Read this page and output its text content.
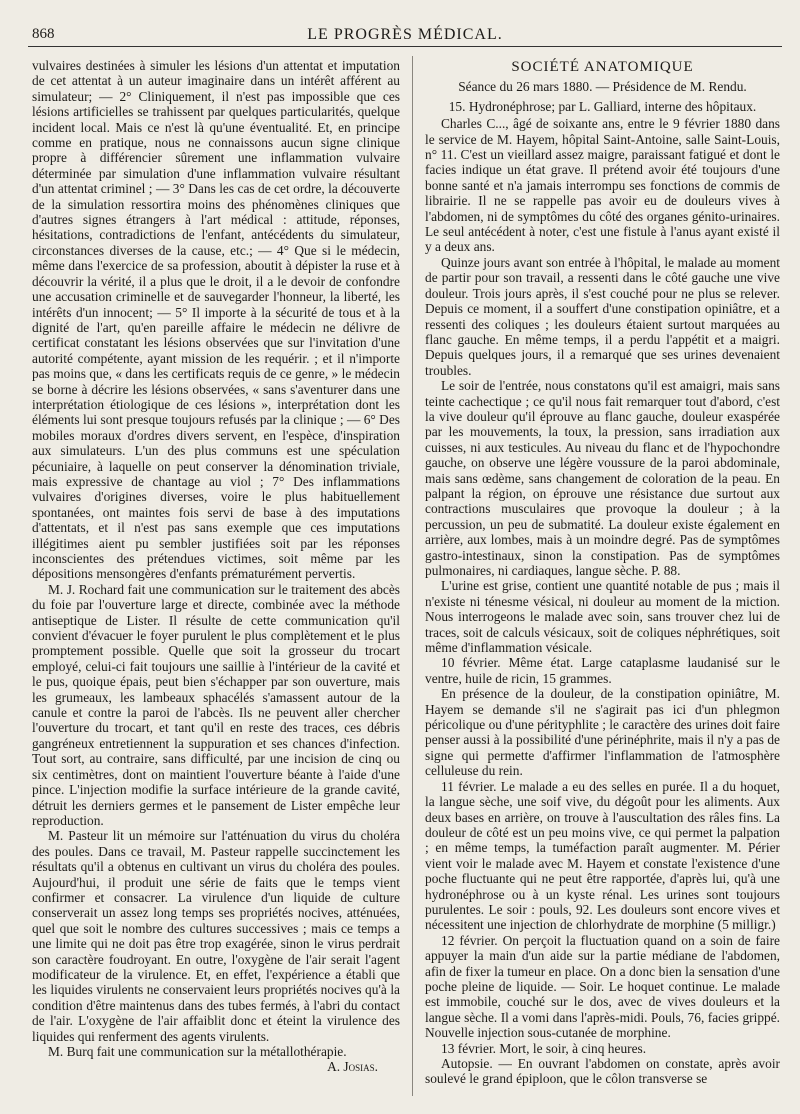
868	LE PROGRÈS MÉDICAL.

vulvaires destinées à simuler les lésions d'un attentat et imputation de cet attentat à un auteur imaginaire dans un intérêt afférent au simulateur; — 2° Cliniquement, il n'est pas impossible que ces lésions artificielles se trahissent par quelques particularités, quelque incident local. Mais ce n'est là qu'une éventualité. Et, en principe comme en pratique, nous ne connaissons aucun signe clinique propre à différencier sûrement une inflammation vulvaire déterminée par simulation d'une inflammation vulvaire résultant d'un attentat criminel ; — 3° Dans les cas de cet ordre, la découverte de la simulation ressortira moins des phénomènes cliniques que d'autres signes étrangers à l'art médical : attitude, réponses, hésitations, contradictions de l'enfant, antécédents du simulateur, circonstances diverses de la cause, etc.; — 4° Que si le médecin, même dans l'exercice de sa profession, aboutit à dépister la ruse et à découvrir la vérité, il a plus que le droit, il a le devoir de confondre une accusation criminelle et de sauvegarder l'honneur, la liberté, les intérêts d'un innocent; — 5° Il importe à la sécurité de tous et à la dignité de l'art, qu'en pareille affaire le médecin ne délivre de certificat constatant les lésions observées que sur l'invitation d'une autorité compétente, ayant mission de les requérir. ; et il n'importe pas moins que, « dans les certificats requis de ce genre, » le médecin se borne à décrire les lésions observées, « sans s'aventurer dans une interprétation étiologique de ces lésions », interprétation dont les éléments lui sont presque toujours refusés par la clinique ; — 6° Des mobiles moraux d'ordres divers servent, en l'espèce, d'inspiration aux simulateurs. L'un des plus communs est une spéculation pécuniaire, à laquelle on peut conserver la dénomination triviale, mais expressive de chantage au viol ; 7° Des inflammations vulvaires d'origines diverses, voire le plus habituellement spontanées, ont maintes fois servi de base à des imputations d'attentats, et il n'est pas sans exemple que ces imputations illégitimes aient pu sembler justifiées soit par les réponses inconscientes des prétendues victimes, soit même par les dépositions mensongères d'enfants prématurément pervertis.

M. J. Rochard fait une communication sur le traitement des abcès du foie par l'ouverture large et directe, combinée avec la méthode antiseptique de Lister. Il résulte de cette communication qu'il convient d'évacuer le foyer purulent le plus complètement et le plus promptement possible. Quelle que soit la grosseur du trocart employé, celui-ci fait toujours une saillie à l'intérieur de la cavité et le pus, quoique épais, peut bien s'échapper par son ouverture, mais les grumeaux, les lambeaux sphacélés s'amassent autour de la canule et contre la paroi de l'abcès. Ils ne peuvent aller chercher l'ouverture du trocart, et tant qu'il en reste des traces, ces débris gangréneux entretiennent la suppuration et ses chances d'infection. Tout sort, au contraire, sans difficulté, par une incision de cinq ou six centimètres, dont on maintient l'ouverture béante à l'aide d'une pince. L'injection modifie la surface intérieure de la grande cavité, détruit les derniers germes et le pansement de Lister empêche leur reproduction.

M. Pasteur lit un mémoire sur l'atténuation du virus du choléra des poules. Dans ce travail, M. Pasteur rappelle succinctement les résultats qu'il a obtenus en cultivant un virus du choléra des poules. Aujourd'hui, il produit une série de faits que le temps vient confirmer et consacrer. La virulence d'un liquide de culture conserverait un assez long temps ses propriétés nocives, atténuées, quel que soit le nombre des cultures successives ; mais ce temps a une limite qui ne doit pas être trop exagérée, sinon le virus perdrait son caractère foudroyant. En outre, l'oxygène de l'air serait l'agent modificateur de la virulence. Et, en effet, l'expérience a établi que les liquides virulents ne conservaient leurs propriétés nocives qu'à la condition d'être maintenus dans des tubes fermés, à l'abri du contact de l'air. L'oxygène de l'air affaiblit donc et éteint la virulence des liquides qui renferment des agents virulents.

M. Burq fait une communication sur la métallothérapie.

A. Josias.

SOCIÉTÉ ANATOMIQUE
Séance du 26 mars 1880. — Présidence de M. Rendu.
15. Hydronéphrose; par L. Galliard, interne des hôpitaux.

Charles C..., âgé de soixante ans, entre le 9 février 1880 dans le service de M. Hayem, hôpital Saint-Antoine, salle Saint-Louis, n° 11. C'est un vieillard assez maigre, paraissant fatigué et dont le facies indique un état grave. Il prétend avoir été toujours d'une bonne santé et n'a jamais interrompu ses fonctions de commis de librairie. Il ne se rappelle pas avoir eu de douleurs vives à l'abdomen, ni de symptômes du côté des organes génito-urinaires. Le seul antécédent à noter, c'est une fistule à l'anus ayant existé il y a deux ans.

Quinze jours avant son entrée à l'hôpital, le malade au moment de partir pour son travail, a ressenti dans le côté gauche une vive douleur. Trois jours après, il s'est couché pour ne plus se relever. Depuis ce moment, il a souffert d'une constipation opiniâtre, et a ressenti des coliques ; les douleurs étaient surtout marquées au flanc gauche. En même temps, il a perdu l'appétit et a maigri. Depuis quelques jours, il a remarqué que ses urines devenaient troubles.

Le soir de l'entrée, nous constatons qu'il est amaigri, mais sans teinte cachectique ; ce qu'il nous fait remarquer tout d'abord, c'est la vive douleur qu'il éprouve au flanc gauche, douleur exaspérée par les mouvements, la toux, la pression, sans irradiation aux cuisses, ni aux testicules. Au niveau du flanc et de l'hypochondre gauche, on observe une légère voussure de la paroi abdominale, mais sans œdème, sans changement de coloration de la peau. En palpant la région, on éprouve une résistance due surtout aux contractions musculaires que provoque la douleur ; à la percussion, un peu de submatité. La douleur existe également en arrière, aux lombes, mais à un moindre degré. Pas de symptômes gastro-intestinaux, sinon la constipation. Pas de symptômes pulmonaires, ni cardiaques, langue sèche. P. 88.

L'urine est grise, contient une quantité notable de pus ; mais il n'existe ni ténesme vésical, ni douleur au moment de la miction. Nous interrogeons le malade avec soin, sans trouver chez lui de traces, soit de calculs vésicaux, soit de coliques néphrétiques, soit même d'inflammation vésicale.

10 février. Même état. Large cataplasme laudanisé sur le ventre, huile de ricin, 15 grammes.

En présence de la douleur, de la constipation opiniâtre, M. Hayem se demande s'il ne s'agirait pas ici d'un phlegmon péricolique ou d'une pérityphlite ; le caractère des urines doit faire penser aussi à la possibilité d'une périnéphrite, mais il n'y a pas de signe qui permette d'affirmer l'inflammation de l'atmosphère celluleuse du rein.

11 février. Le malade a eu des selles en purée. Il a du hoquet, la langue sèche, une soif vive, du dégoût pour les aliments. Aux deux bases en arrière, on trouve à l'auscultation des râles fins. La douleur de côté est un peu moins vive, ce qui permet la palpation ; en même temps, la tuméfaction paraît augmenter. M. Périer vient voir le malade avec M. Hayem et constate l'existence d'une poche fluctuante qui ne peut être rapportée, d'après lui, qu'à une hydronéphrose ou à un kyste rénal. Les urines sont toujours purulentes. Le soir : pouls, 92. Les douleurs sont encore vives et nécessitent une injection de chlorhydrate de morphine (5 milligr.)

12 février. On perçoit la fluctuation quand on a soin de faire appuyer la main d'un aide sur la partie médiane de l'abdomen, afin de fixer la tumeur en place. On a donc bien la sensation d'une poche pleine de liquide. — Soir. Le hoquet continue. Le malade est immobile, couché sur le dos, avec de vives douleurs et la langue sèche. Il a vomi dans l'après-midi. Pouls, 76, facies grippé. Nouvelle injection sous-cutanée de morphine.

13 février. Mort, le soir, à cinq heures.

Autopsie. — En ouvrant l'abdomen on constate, après avoir soulevé le grand épiploon, que le côlon transverse se
